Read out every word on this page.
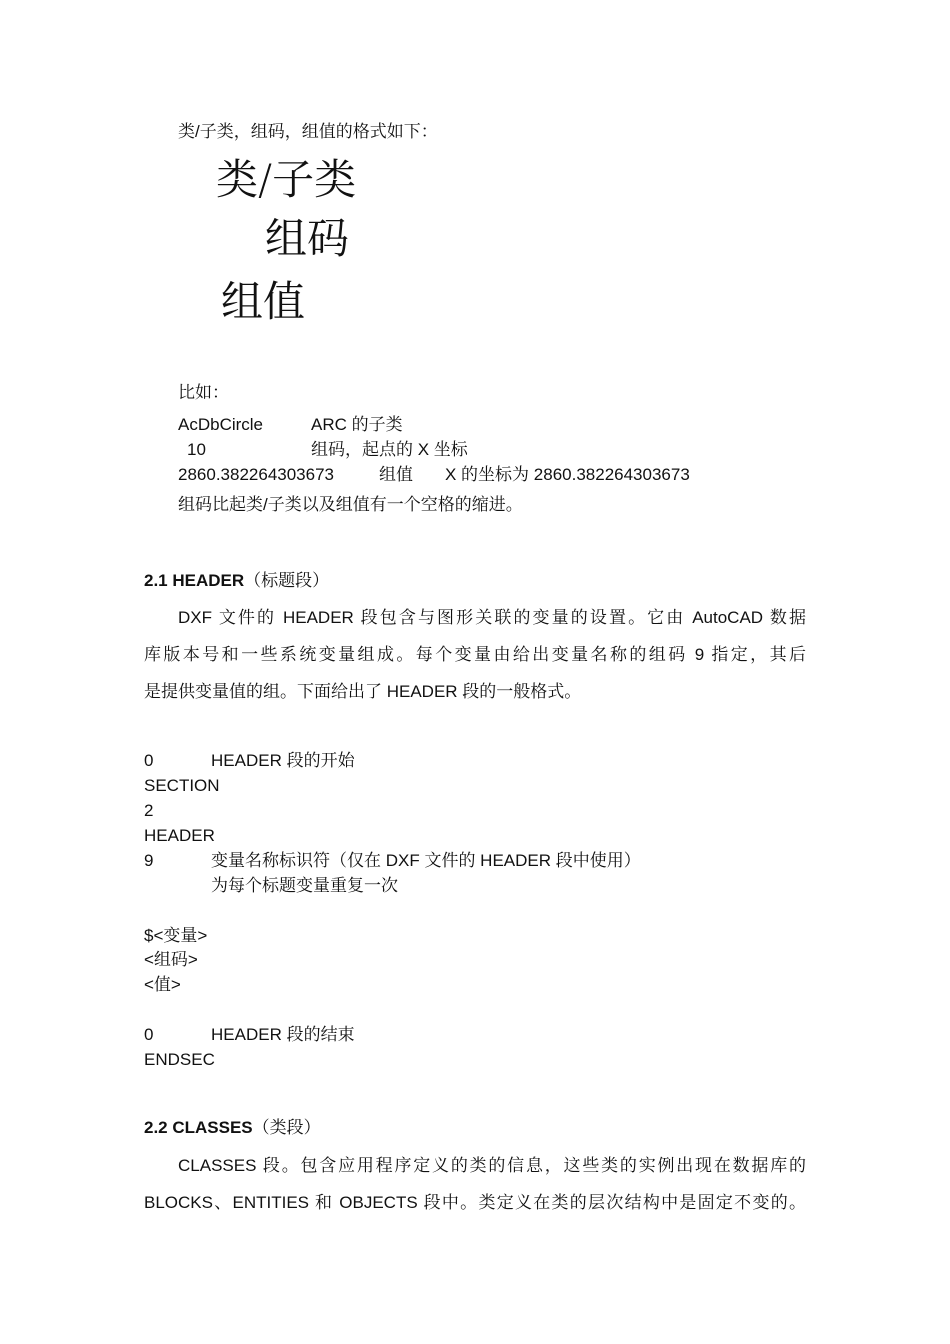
类/子类，组码，组值的格式如下：
类/子类
组码
组值
比如：
AcDbCircle	ARC 的子类
10	组码，起点的 X 坐标
2860.382264303673	组值 X 的坐标为 2860.382264303673
组码比起类/子类以及组值有一个空格的缩进。
2.1 HEADER（标题段）
DXF 文件的 HEADER 段包含与图形关联的变量的设置。它由 AutoCAD 数据
库版本号和一些系统变量组成。每个变量由给出变量名称的组码 9 指定，其后
是提供变量值的组。下面给出了 HEADER 段的一般格式。
0	HEADER 段的开始
SECTION
2
HEADER
9	变量名称标识符（仅在 DXF 文件的 HEADER 段中使用）
为每个标题变量重复一次
$<变量>
<组码>
<值>
0	HEADER 段的结束
ENDSEC
2.2 CLASSES（类段）
CLASSES 段。包含应用程序定义的类的信息，这些类的实例出现在数据库的
BLOCKS、ENTITIES 和 OBJECTS 段中。类定义在类的层次结构中是固定不变的。
